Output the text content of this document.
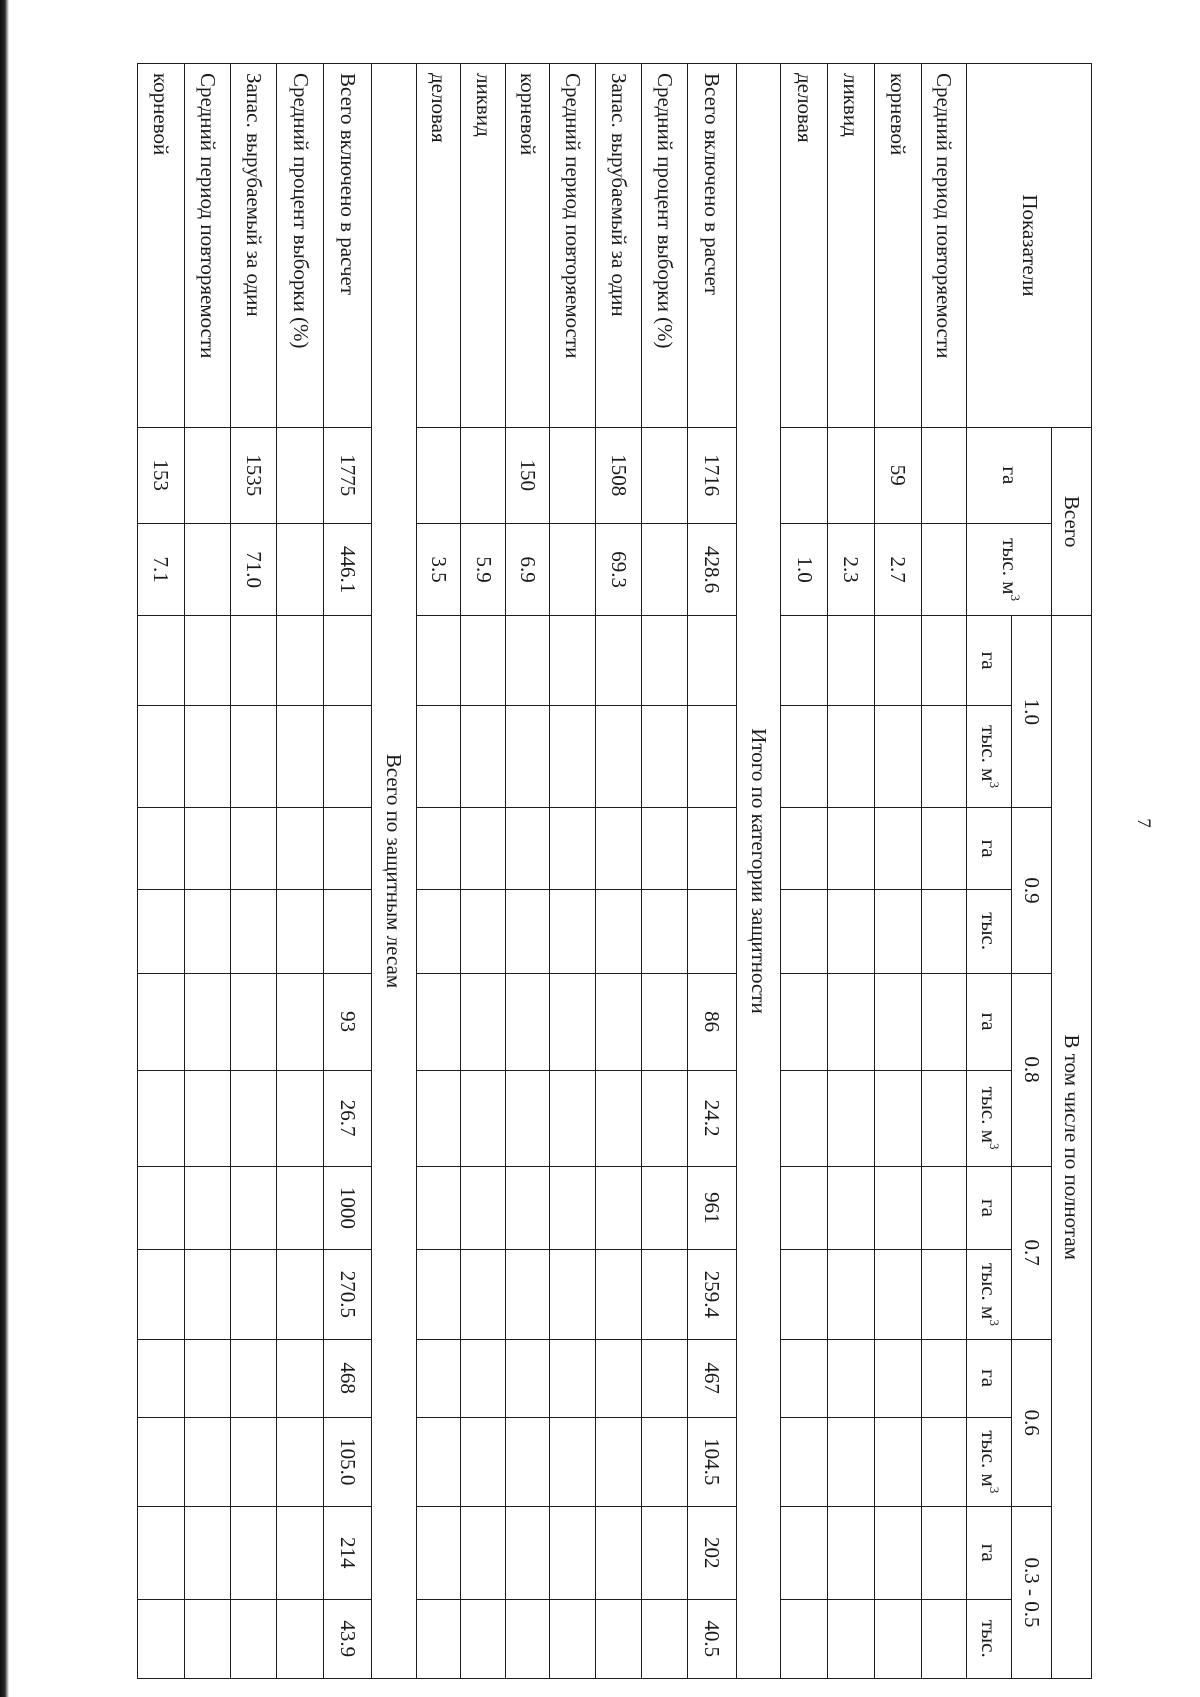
Показатели	Всего		В том числе по полнотам											
	га	тыс. $м^3$	1.0		0.9		0.8		0.7		0.6		0.3 - 0.5	
			га	тыс. $м^3$	га	тыс.	га	тыс. $м^3$	га	тыс. $м^3$	га	тыс. $м^3$	га	тыс.
Средний период повторяемости														
корневой	59	2.7												
ликвид		2.3												
деловая		1.0												
Итого по категории защитности														
Всего включено в расчет	1716	428.6					86	24.2	961	259.4	467	104.5	202	40.5
Средний процент выборки (%)														
Запас. вырубаемый за один	1508	69.3												
Средний период повторяемости														
корневой	150	6.9												
ликвид		5.9												
деловая		3.5												
Всего по защитным лесам														
Всего включено в расчет	1775	446.1					93	26.7	1000	270.5	468	105.0	214	43.9
Средний процент выборки (%)														
Запас. вырубаемый за один	1535	71.0												
Средний период повторяемости														
корневой	153	7.1												
7
